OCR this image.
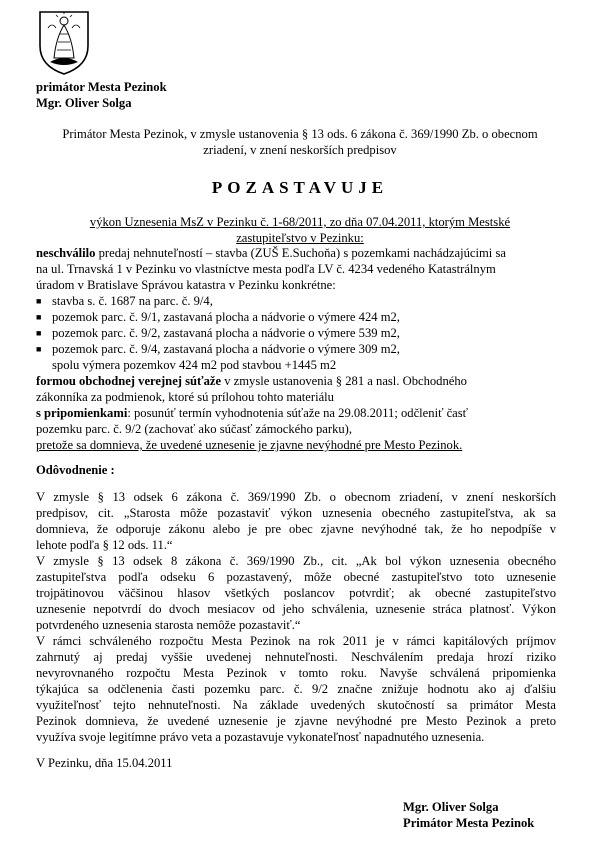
primátor Mesta Pezinok
Mgr. Oliver Solga
Primátor Mesta Pezinok, v zmysle ustanovenia § 13 ods. 6 zákona č. 369/1990 Zb. o obecnom
zriadení, v znení neskorších predpisov
POZASTAVUJE
výkon Uznesenia MsZ v Pezinku č. 1-68/2011, zo dňa 07.04.2011, ktorým Mestské
zastupiteľstvo v Pezinku:
neschválilo predaj nehnuteľností – stavba (ZUŠ E.Suchoňa) s pozemkami nachádzajúcimi sa
na ul. Trnavská 1 v Pezinku vo vlastníctve mesta podľa LV č. 4234 vedeného Katastrálnym
úradom v Bratislave Správou katastra v Pezinku konkrétne:
■ stavba s. č. 1687 na parc. č. 9/4,
■ pozemok parc. č. 9/1, zastavaná plocha a nádvorie o výmere 424 m2,
■ pozemok parc. č. 9/2, zastavaná plocha a nádvorie o výmere 539 m2,
■ pozemok parc. č. 9/4, zastavaná plocha a nádvorie o výmere 309 m2,
spolu výmera pozemkov 424 m2 pod stavbou +1445 m2
formou obchodnej verejnej súťaže v zmysle ustanovenia § 281 a nasl. Obchodného
zákonníka za podmienok, ktoré sú prílohou tohto materiálu
s pripomienkami: posunúť termín vyhodnotenia súťaže na 29.08.2011; odčleniť časť
pozemku parc. č. 9/2 (zachovať ako súčasť zámockého parku),
pretože sa domnieva, že uvedené uznesenie je zjavne nevýhodné pre Mesto Pezinok.
Odôvodnenie :
V zmysle § 13 odsek 6 zákona č. 369/1990 Zb. o obecnom zriadení, v znení neskorších
predpisov, cit. „Starosta môže pozastaviť výkon uznesenia obecného zastupiteľstva, ak sa
domnieva, že odporuje zákonu alebo je pre obec zjavne nevýhodné tak, že ho nepodpíše v
lehote podľa § 12 ods. 11.“
V zmysle § 13 odsek 8 zákona č. 369/1990 Zb., cit. „Ak bol výkon uznesenia obecného
zastupiteľstva podľa odseku 6 pozastavený, môže obecné zastupiteľstvo toto uznesenie
trojpätinovou väčšinou hlasov všetkých poslancov potvrdiť; ak obecné zastupiteľstvo
uznesenie nepotvrdí do dvoch mesiacov od jeho schválenia, uznesenie stráca platnosť. Výkon
potvrdeného uznesenia starosta nemôže pozastaviť.“
V rámci schváleného rozpočtu Mesta Pezinok na rok 2011 je v rámci kapitálových príjmov
zahrnutý aj predaj vyššie uvedenej nehnuteľnosti. Neschválením predaja hrozí riziko
nevyrovnaného rozpočtu Mesta Pezinok v tomto roku. Navyše schválená pripomienka
týkajúca sa odčlenenia časti pozemku parc. č. 9/2 značne znižuje hodnotu ako aj ďalšiu
využiteľnosť tejto nehnuteľnosti. Na základe uvedených skutočností sa primátor Mesta
Pezinok domnieva, že uvedené uznesenie je zjavne nevýhodné pre Mesto Pezinok a preto
využíva svoje legitímne právo veta a pozastavuje vykonateľnosť napadnutého uznesenia.
V Pezinku, dňa 15.04.2011
Mgr. Oliver Solga
Primátor Mesta Pezinok
